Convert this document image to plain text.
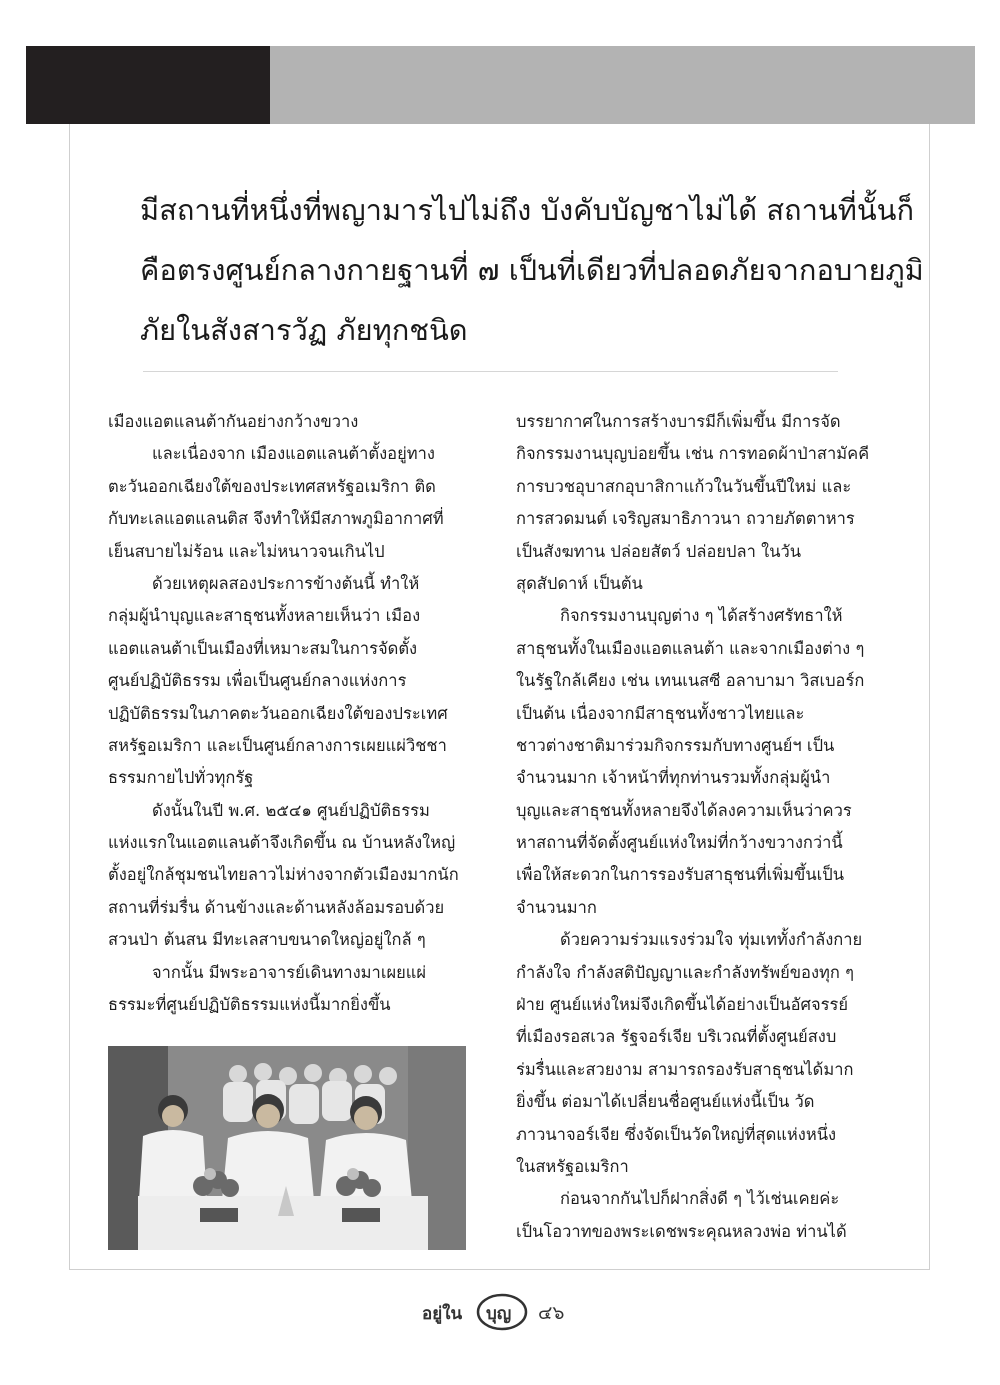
มีสถานที่หนึ่งที่พญามารไปไม่ถึง บังคับบัญชาไม่ได้ สถานที่นั้นก็
คือตรงศูนย์กลางกายฐานที่ ๗ เป็นที่เดียวที่ปลอดภัยจากอบายภูมิ
ภัยในสังสารวัฏ ภัยทุกชนิด
เมืองแอตแลนต้ากันอย่างกว้างขวาง
และเนื่องจาก เมืองแอตแลนต้าตั้งอยู่ทาง
ตะวันออกเฉียงใต้ของประเทศสหรัฐอเมริกา ติด
กับทะเลแอตแลนติส จึงทำให้มีสภาพภูมิอากาศที่
เย็นสบายไม่ร้อน และไม่หนาวจนเกินไป
ด้วยเหตุผลสองประการข้างต้นนี้ ทำให้
กลุ่มผู้นำบุญและสาธุชนทั้งหลายเห็นว่า เมือง
แอตแลนต้าเป็นเมืองที่เหมาะสมในการจัดตั้ง
ศูนย์ปฏิบัติธรรม เพื่อเป็นศูนย์กลางแห่งการ
ปฏิบัติธรรมในภาคตะวันออกเฉียงใต้ของประเทศ
สหรัฐอเมริกา และเป็นศูนย์กลางการเผยแผ่วิชชา
ธรรมกายไปทั่วทุกรัฐ
ดังนั้นในปี พ.ศ. ๒๕๔๑ ศูนย์ปฏิบัติธรรม
แห่งแรกในแอตแลนต้าจึงเกิดขึ้น ณ บ้านหลังใหญ่
ตั้งอยู่ใกล้ชุมชนไทยลาวไม่ห่างจากตัวเมืองมากนัก
สถานที่ร่มรื่น ด้านข้างและด้านหลังล้อมรอบด้วย
สวนป่า ต้นสน มีทะเลสาบขนาดใหญ่อยู่ใกล้ ๆ
จากนั้น มีพระอาจารย์เดินทางมาเผยแผ่
ธรรมะที่ศูนย์ปฏิบัติธรรมแห่งนี้มากยิ่งขึ้น
บรรยากาศในการสร้างบารมีก็เพิ่มขึ้น มีการจัด
กิจกรรมงานบุญบ่อยขึ้น เช่น การทอดผ้าป่าสามัคคี
การบวชอุบาสกอุบาสิกาแก้วในวันขึ้นปีใหม่ และ
การสวดมนต์ เจริญสมาธิภาวนา ถวายภัตตาหาร
เป็นสังฆทาน ปล่อยสัตว์ ปล่อยปลา ในวัน
สุดสัปดาห์ เป็นต้น
กิจกรรมงานบุญต่าง ๆ ได้สร้างศรัทธาให้
สาธุชนทั้งในเมืองแอตแลนต้า และจากเมืองต่าง ๆ
ในรัฐใกล้เคียง เช่น เทนเนสซี อลาบามา วิสเบอร์ก
เป็นต้น เนื่องจากมีสาธุชนทั้งชาวไทยและ
ชาวต่างชาติมาร่วมกิจกรรมกับทางศูนย์ฯ เป็น
จำนวนมาก เจ้าหน้าที่ทุกท่านรวมทั้งกลุ่มผู้นำ
บุญและสาธุชนทั้งหลายจึงได้ลงความเห็นว่าควร
หาสถานที่จัดตั้งศูนย์แห่งใหม่ที่กว้างขวางกว่านี้
เพื่อให้สะดวกในการรองรับสาธุชนที่เพิ่มขึ้นเป็น
จำนวนมาก
ด้วยความร่วมแรงร่วมใจ ทุ่มเททั้งกำลังกาย
กำลังใจ กำลังสติปัญญาและกำลังทรัพย์ของทุก ๆ
ฝ่าย ศูนย์แห่งใหม่จึงเกิดขึ้นได้อย่างเป็นอัศจรรย์
ที่เมืองรอสเวล รัฐจอร์เจีย บริเวณที่ตั้งศูนย์สงบ
ร่มรื่นและสวยงาม สามารถรองรับสาธุชนได้มาก
ยิ่งขึ้น ต่อมาได้เปลี่ยนชื่อศูนย์แห่งนี้เป็น วัด
ภาวนาจอร์เจีย ซึ่งจัดเป็นวัดใหญ่ที่สุดแห่งหนึ่ง
ในสหรัฐอเมริกา
ก่อนจากกันไปก็ฝากสิ่งดี ๆ ไว้เช่นเคยค่ะ
เป็นโอวาทของพระเดชพระคุณหลวงพ่อ ท่านได้
อยู่ใน บุญ ๔๖
